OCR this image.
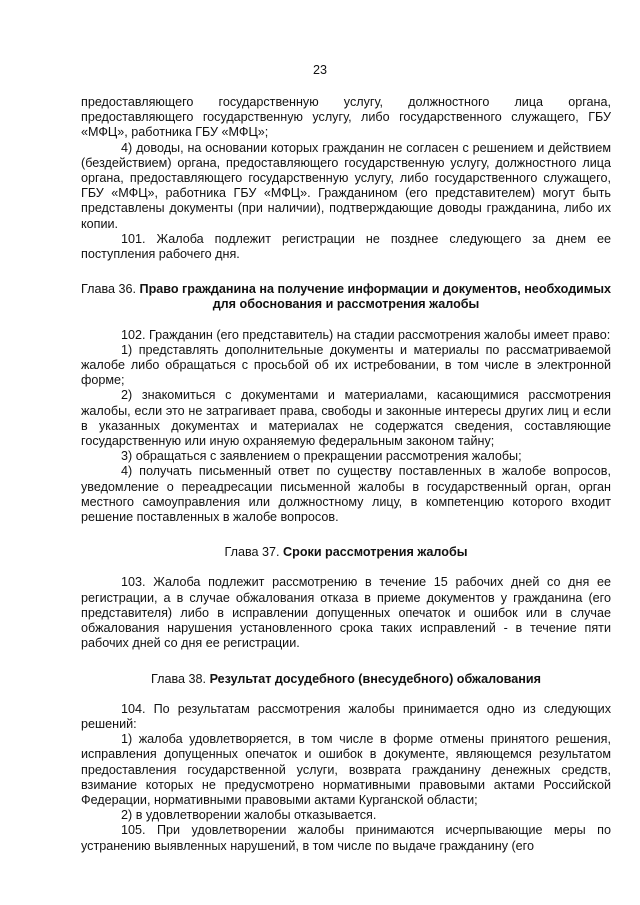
23

предоставляющего государственную услугу, должностного лица органа, предоставляющего государственную услугу, либо государственного служащего, ГБУ «МФЦ», работника ГБУ «МФЦ»;

4) доводы, на основании которых гражданин не согласен с решением и действием (бездействием) органа, предоставляющего государственную услугу, должностного лица органа, предоставляющего государственную услугу, либо государственного служащего, ГБУ «МФЦ», работника ГБУ «МФЦ». Гражданином (его представителем) могут быть представлены документы (при наличии), подтверждающие доводы гражданина, либо их копии.

101. Жалоба подлежит регистрации не позднее следующего за днем ее поступления рабочего дня.

Глава 36. Право гражданина на получение информации и документов, необходимых для обоснования и рассмотрения жалобы

102. Гражданин (его представитель) на стадии рассмотрения жалобы имеет право:

1) представлять дополнительные документы и материалы по рассматриваемой жалобе либо обращаться с просьбой об их истребовании, в том числе в электронной форме;

2) знакомиться с документами и материалами, касающимися рассмотрения жалобы, если это не затрагивает права, свободы и законные интересы других лиц и если в указанных документах и материалах не содержатся сведения, составляющие государственную или иную охраняемую федеральным законом тайну;

3) обращаться с заявлением о прекращении рассмотрения жалобы;

4) получать письменный ответ по существу поставленных в жалобе вопросов, уведомление о переадресации письменной жалобы в государственный орган, орган местного самоуправления или должностному лицу, в компетенцию которого входит решение поставленных в жалобе вопросов.

Глава 37. Сроки рассмотрения жалобы

103. Жалоба подлежит рассмотрению в течение 15 рабочих дней со дня ее регистрации, а в случае обжалования отказа в приеме документов у гражданина (его представителя) либо в исправлении допущенных опечаток и ошибок или в случае обжалования нарушения установленного срока таких исправлений - в течение пяти рабочих дней со дня ее регистрации.

Глава 38. Результат досудебного (внесудебного) обжалования

104. По результатам рассмотрения жалобы принимается одно из следующих решений:

1) жалоба удовлетворяется, в том числе в форме отмены принятого решения, исправления допущенных опечаток и ошибок в документе, являющемся результатом предоставления государственной услуги, возврата гражданину денежных средств, взимание которых не предусмотрено нормативными правовыми актами Российской Федерации, нормативными правовыми актами Курганской области;

2) в удовлетворении жалобы отказывается.

105. При удовлетворении жалобы принимаются исчерпывающие меры по устранению выявленных нарушений, в том числе по выдаче гражданину (его
